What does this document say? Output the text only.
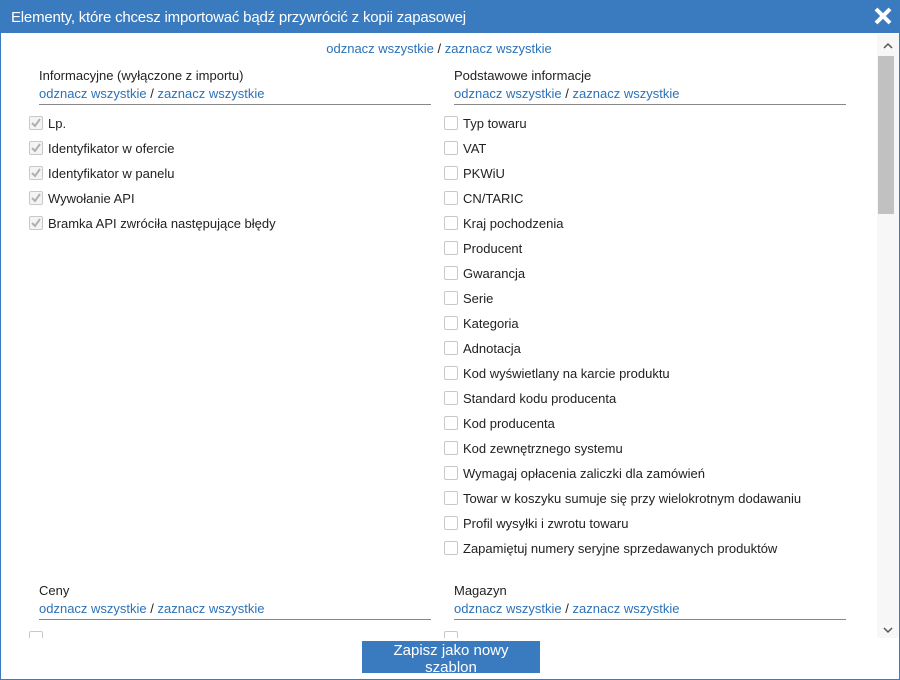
Elementy, które chcesz importować bądź przywrócić z kopii zapasowej
odznacz wszystkie / zaznacz wszystkie
Informacyjne (wyłączone z importu)
odznacz wszystkie / zaznacz wszystkie
Lp.
Identyfikator w ofercie
Identyfikator w panelu
Wywołanie API
Bramka API zwróciła następujące błędy
Podstawowe informacje
odznacz wszystkie / zaznacz wszystkie
Typ towaru
VAT
PKWiU
CN/TARIC
Kraj pochodzenia
Producent
Gwarancja
Serie
Kategoria
Adnotacja
Kod wyświetlany na karcie produktu
Standard kodu producenta
Kod producenta
Kod zewnętrznego systemu
Wymagaj opłacenia zaliczki dla zamówień
Towar w koszyku sumuje się przy wielokrotnym dodawaniu
Profil wysyłki i zwrotu towaru
Zapamiętuj numery seryjne sprzedawanych produktów
Ceny
odznacz wszystkie / zaznacz wszystkie
Magazyn
odznacz wszystkie / zaznacz wszystkie
Zapisz jako nowy szablon
